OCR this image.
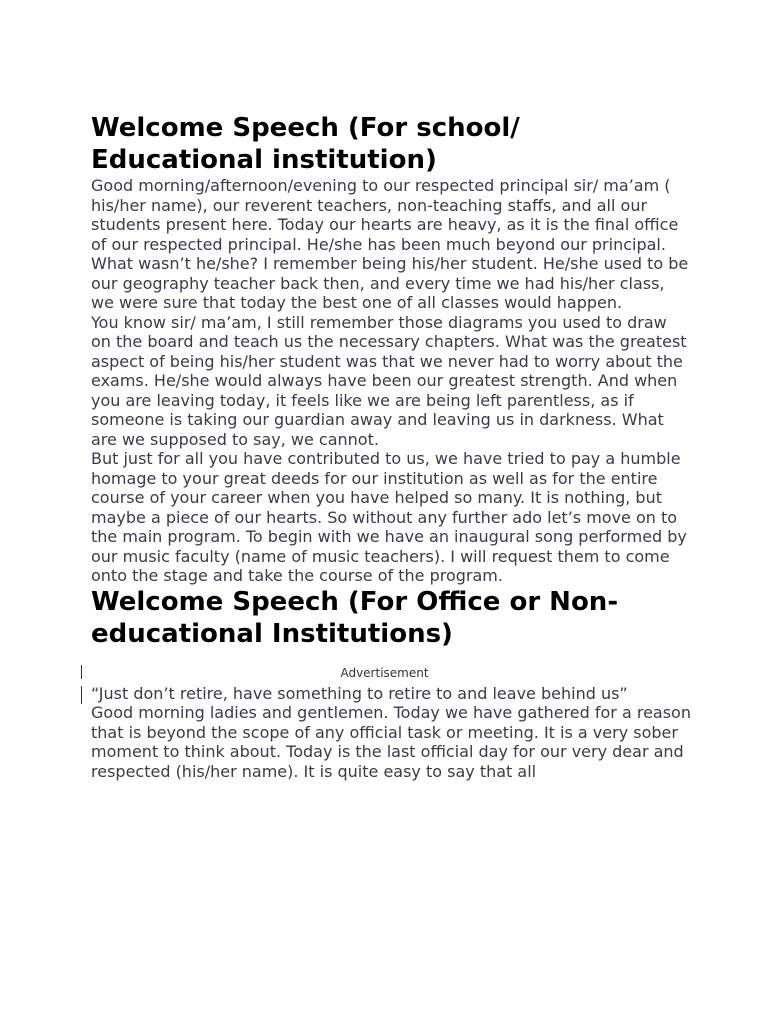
Welcome Speech (For school/ Educational institution)

Good morning/afternoon/evening to our respected principal sir/ ma’am ( his/her name), our reverent teachers, non-teaching staffs, and all our students present here. Today our hearts are heavy, as it is the final office of our respected principal. He/she has been much beyond our principal. What wasn’t he/she? I remember being his/her student. He/she used to be our geography teacher back then, and every time we had his/her class, we were sure that today the best one of all classes would happen.

You know sir/ ma’am, I still remember those diagrams you used to draw on the board and teach us the necessary chapters. What was the greatest aspect of being his/her student was that we never had to worry about the exams. He/she would always have been our greatest strength. And when you are leaving today, it feels like we are being left parentless, as if someone is taking our guardian away and leaving us in darkness. What are we supposed to say, we cannot.

But just for all you have contributed to us, we have tried to pay a humble homage to your great deeds for our institution as well as for the entire course of your career when you have helped so many. It is nothing, but maybe a piece of our hearts. So without any further ado let’s move on to the main program. To begin with we have an inaugural song performed by our music faculty (name of music teachers). I will request them to come onto the stage and take the course of the program.

Welcome Speech (For Office or Non-educational Institutions)
Advertisement

“Just don’t retire, have something to retire to and leave behind us”

Good morning ladies and gentlemen. Today we have gathered for a reason that is beyond the scope of any official task or meeting. It is a very sober moment to think about. Today is the last official day for our very dear and respected (his/her name). It is quite easy to say that all
